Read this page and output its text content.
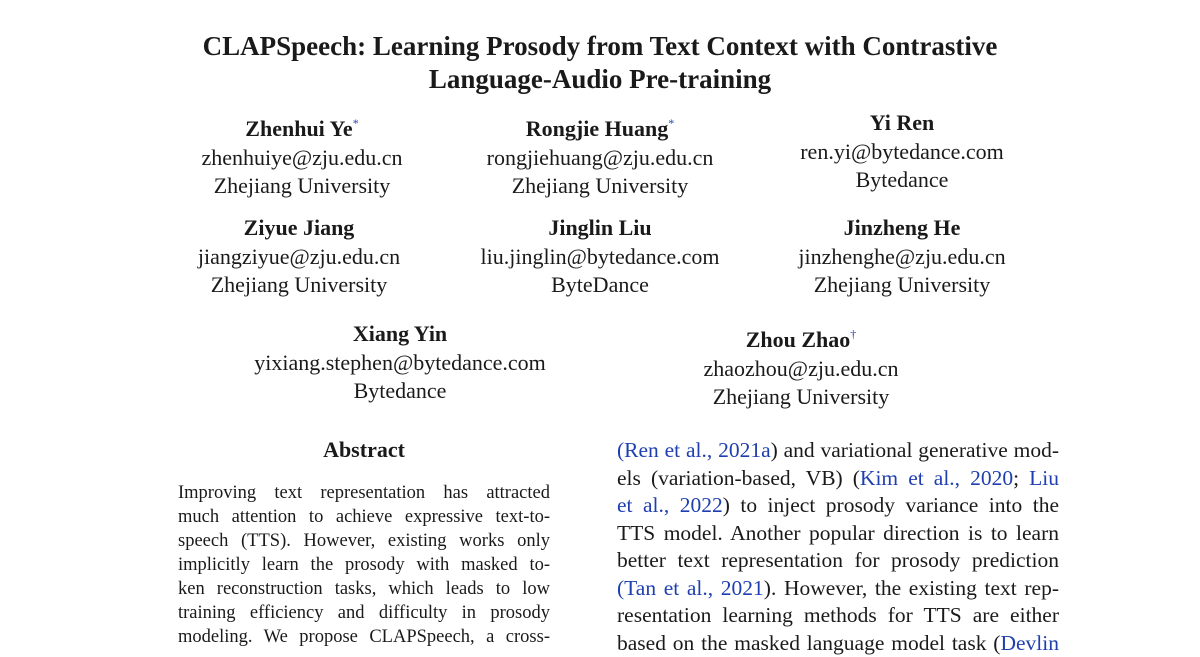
CLAPSpeech: Learning Prosody from Text Context with Contrastive
Language-Audio Pre-training
Zhenhui Ye*
zhenhuiye@zju.edu.cn
Zhejiang University
Rongjie Huang*
rongjiehuang@zju.edu.cn
Zhejiang University
Yi Ren
ren.yi@bytedance.com
Bytedance
Ziyue Jiang
jiangziyue@zju.edu.cn
Zhejiang University
Jinglin Liu
liu.jinglin@bytedance.com
ByteDance
Jinzheng He
jinzhenghe@zju.edu.cn
Zhejiang University
Xiang Yin
yixiang.stephen@bytedance.com
Bytedance
Zhou Zhao†
zhaozhou@zju.edu.cn
Zhejiang University
Abstract
Improving text representation has attracted
much attention to achieve expressive text-to-
speech (TTS). However, existing works only
implicitly learn the prosody with masked to-
ken reconstruction tasks, which leads to low
training efficiency and difficulty in prosody
modeling. We propose CLAPSpeech, a cross-
(Ren et al., 2021a) and variational generative mod-
els (variation-based, VB) (Kim et al., 2020; Liu
et al., 2022) to inject prosody variance into the
TTS model. Another popular direction is to learn
better text representation for prosody prediction
(Tan et al., 2021). However, the existing text rep-
resentation learning methods for TTS are either
based on the masked language model task (Devlin
